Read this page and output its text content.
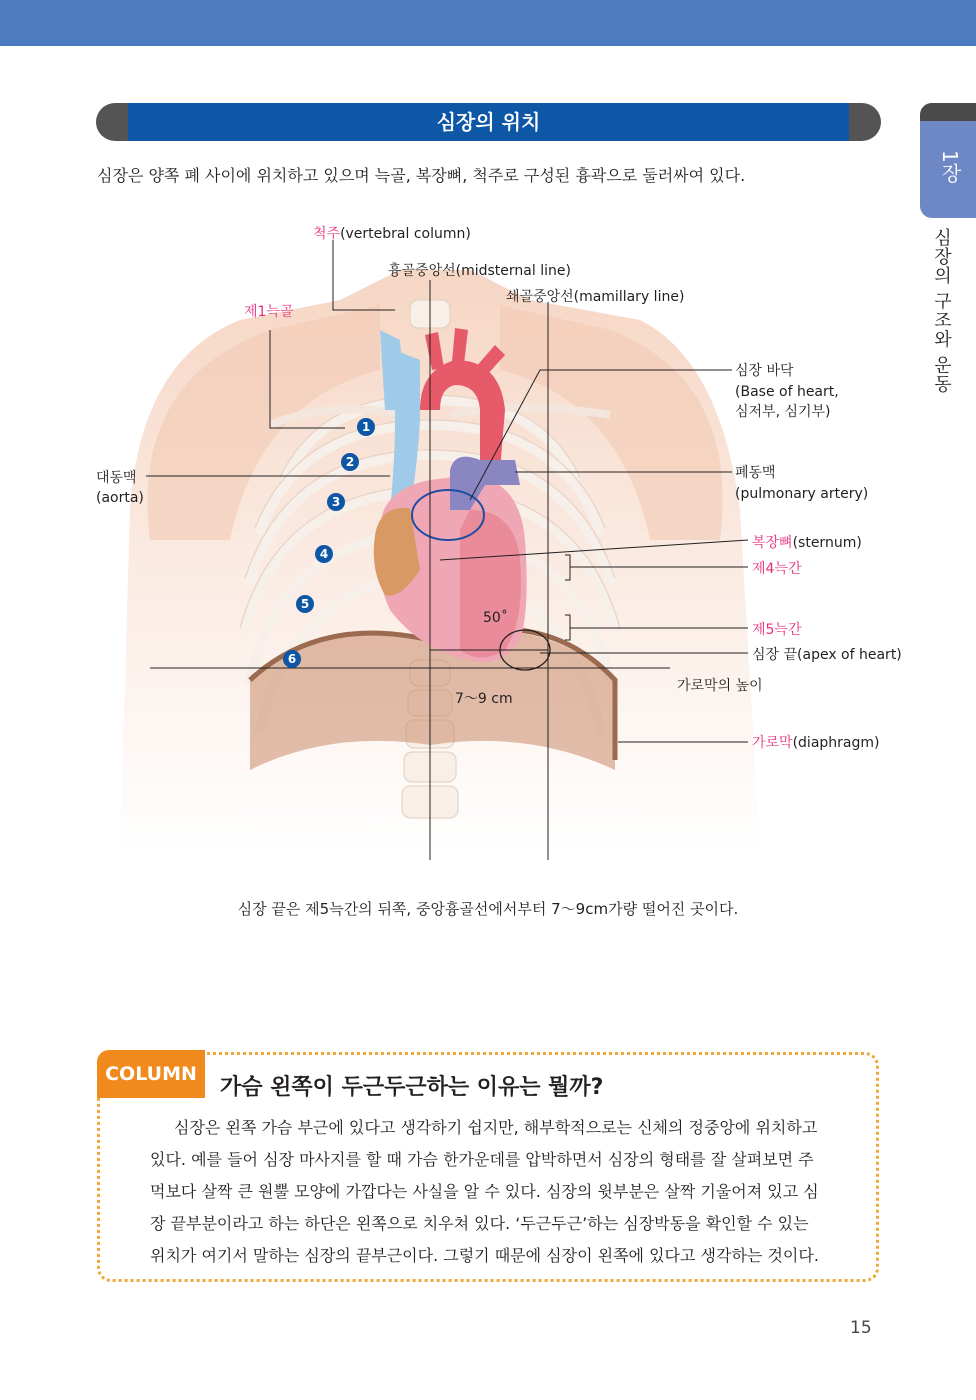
1장
심장의 구조와 운동
심장의 위치
심장은 양쪽 폐 사이에 위치하고 있으며 늑골, 복장뼈, 척주로 구성된 흉곽으로 둘러싸여 있다.
1
2
3
4
5
6
척주(vertebral column)
흉골중앙선(midsternal line)
쇄골중앙선(mamillary line)
제1늑골
대동맥
(aorta)
심장 바닥
(Base of heart,
심저부, 심기부)
폐동맥
(pulmonary artery)
복장뼈(sternum)
제4늑간
제5늑간
심장 끝(apex of heart)
가로막의 높이
가로막(diaphragm)
50˚
7～9 cm
심장 끝은 제5늑간의 뒤쪽, 중앙흉골선에서부터 7～9cm가량 떨어진 곳이다.
COLUMN
가슴 왼쪽이 두근두근하는 이유는 뭘까?
심장은 왼쪽 가슴 부근에 있다고 생각하기 쉽지만, 해부학적으로는 신체의 정중앙에 위치하고
있다. 예를 들어 심장 마사지를 할 때 가슴 한가운데를 압박하면서 심장의 형태를 잘 살펴보면 주
먹보다 살짝 큰 원뿔 모양에 가깝다는 사실을 알 수 있다. 심장의 윗부분은 살짝 기울어져 있고 심
장 끝부분이라고 하는 하단은 왼쪽으로 치우쳐 있다. ‘두근두근’하는 심장박동을 확인할 수 있는
위치가 여기서 말하는 심장의 끝부근이다. 그렇기 때문에 심장이 왼쪽에 있다고 생각하는 것이다.
15
